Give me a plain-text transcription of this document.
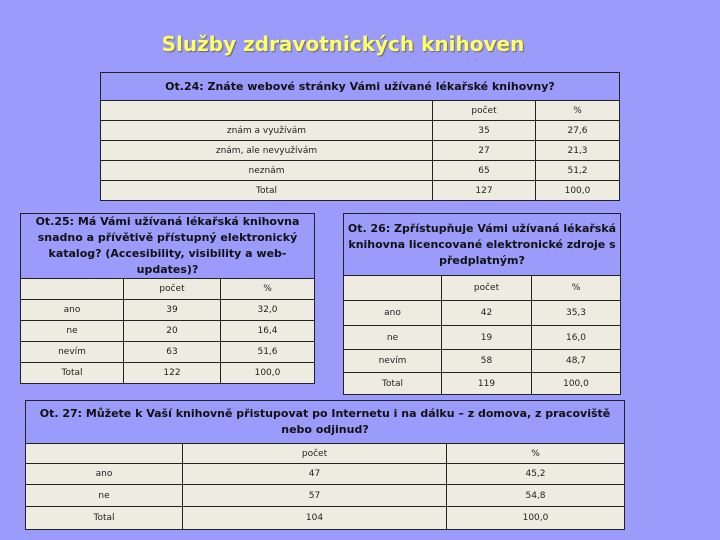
Služby zdravotnických knihoven
Ot.24: Znáte webové stránky Vámi užívané lékařské knihovny?		
	počet	%
znám a využívám	35	27,6
znám, ale nevyužívám	27	21,3
neznám	65	51,2
Total	127	100,0
Ot.25: Má Vámi užívaná lékařská knihovna snadno a přívětivě přístupný elektronický katalog? (Accesibility, visibility a web-updates)?		
	počet	%
ano	39	32,0
ne	20	16,4
nevím	63	51,6
Total	122	100,0
Ot. 26: Zpřístupňuje Vámi užívaná lékařská knihovna licencované elektronické zdroje s předplatným?		
	počet	%
ano	42	35,3
ne	19	16,0
nevím	58	48,7
Total	119	100,0
Ot. 27: Můžete k Vaší knihovně přistupovat po Internetu i na dálku – z domova, z pracoviště nebo odjinud?		
	počet	%
ano	47	45,2
ne	57	54,8
Total	104	100,0
